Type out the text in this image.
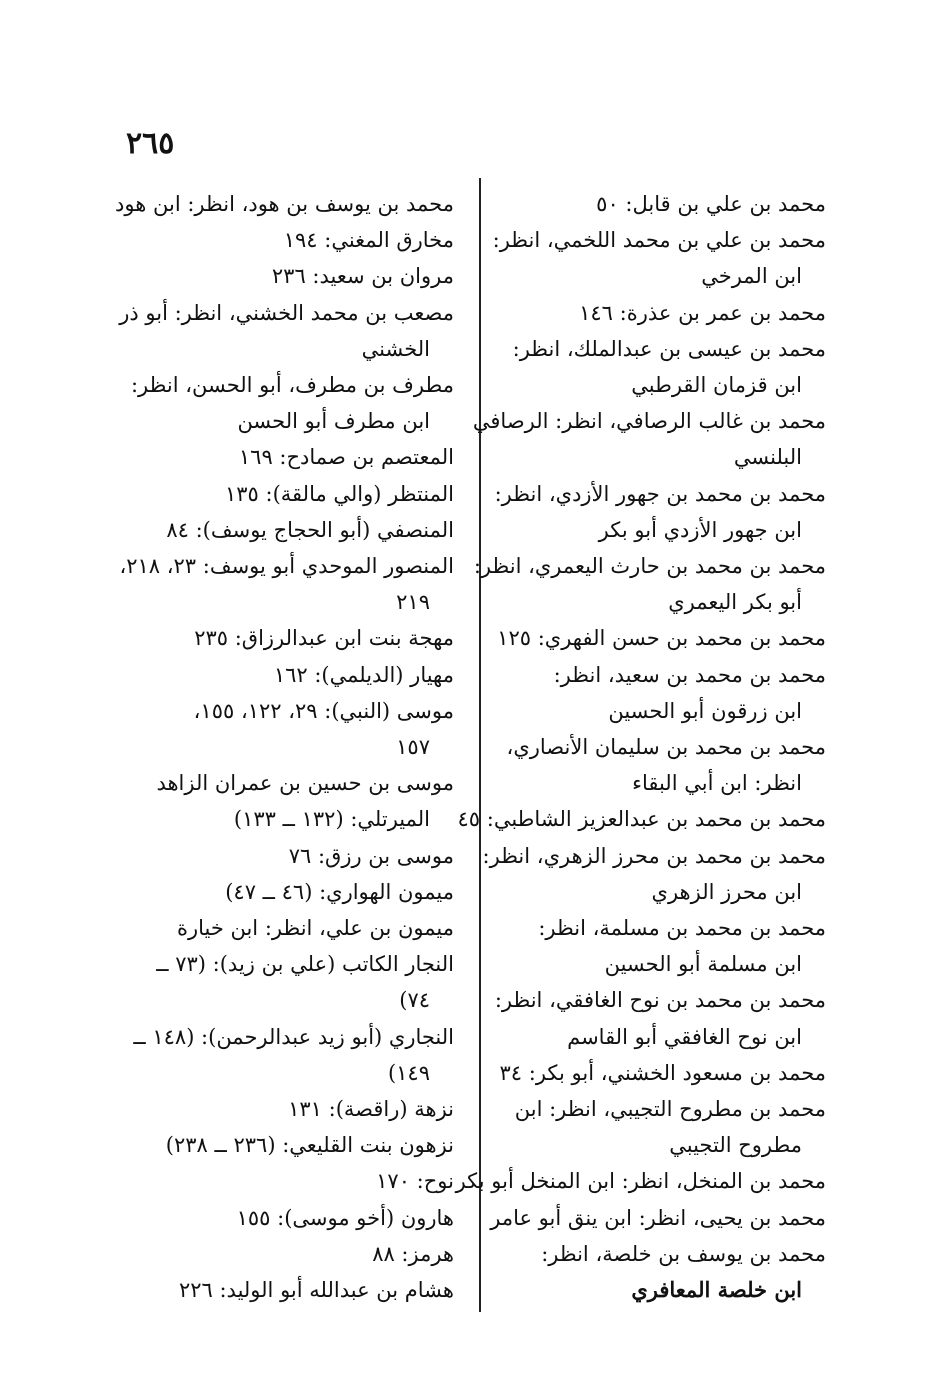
٢٦٥
محمد بن علي بن قابل: ٥٠
محمد بن علي بن محمد اللخمي، انظر:
ابن المرخي
محمد بن عمر بن عذرة: ١٤٦
محمد بن عيسى بن عبدالملك، انظر:
ابن قزمان القرطبي
محمد بن غالب الرصافي، انظر: الرصافي
البلنسي
محمد بن محمد بن جهور الأزدي، انظر:
ابن جهور الأزدي أبو بكر
محمد بن محمد بن حارث اليعمري، انظر:
أبو بكر اليعمري
محمد بن محمد بن حسن الفهري: ١٢٥
محمد بن محمد بن سعيد، انظر:
ابن زرقون أبو الحسين
محمد بن محمد بن سليمان الأنصاري،
انظر: ابن أبي البقاء
محمد بن محمد بن عبدالعزيز الشاطبي: ٤٥
محمد بن محمد بن محرز الزهري، انظر:
ابن محرز الزهري
محمد بن محمد بن مسلمة، انظر:
ابن مسلمة أبو الحسين
محمد بن محمد بن نوح الغافقي، انظر:
ابن نوح الغافقي أبو القاسم
محمد بن مسعود الخشني، أبو بكر: ٣٤
محمد بن مطروح التجيبي، انظر: ابن
مطروح التجيبي
محمد بن المنخل، انظر: ابن المنخل أبو بكر
محمد بن يحيى، انظر: ابن ينق أبو عامر
محمد بن يوسف بن خلصة، انظر:
ابن خلصة المعافري
محمد بن يوسف بن هود، انظر: ابن هود
مخارق المغني: ١٩٤
مروان بن سعيد: ٢٣٦
مصعب بن محمد الخشني، انظر: أبو ذر
الخشني
مطرف بن مطرف، أبو الحسن، انظر:
ابن مطرف أبو الحسن
المعتصم بن صمادح: ١٦٩
المنتظر (والي مالقة): ١٣٥
المنصفي (أبو الحجاج يوسف): ٨٤
المنصور الموحدي أبو يوسف: ٢٣، ٢١٨،
٢١٩
مهجة بنت ابن عبدالرزاق: ٢٣٥
مهيار (الديلمي): ١٦٢
موسى (النبي): ٢٩، ١٢٢، ١٥٥،
١٥٧
موسى بن حسين بن عمران الزاهد
الميرتلي: (١٣٢ ــ ١٣٣)
موسى بن رزق: ٧٦
ميمون الهواري: (٤٦ ــ ٤٧)
ميمون بن علي، انظر: ابن خيارة
النجار الكاتب (علي بن زيد): (٧٣ ــ
٧٤)
النجاري (أبو زيد عبدالرحمن): (١٤٨ ــ
١٤٩)
نزهة (راقصة): ١٣١
نزهون بنت القليعي: (٢٣٦ ــ ٢٣٨)
نوح: ١٧٠
هارون (أخو موسى): ١٥٥
هرمز: ٨٨
هشام بن عبدالله أبو الوليد: ٢٢٦
